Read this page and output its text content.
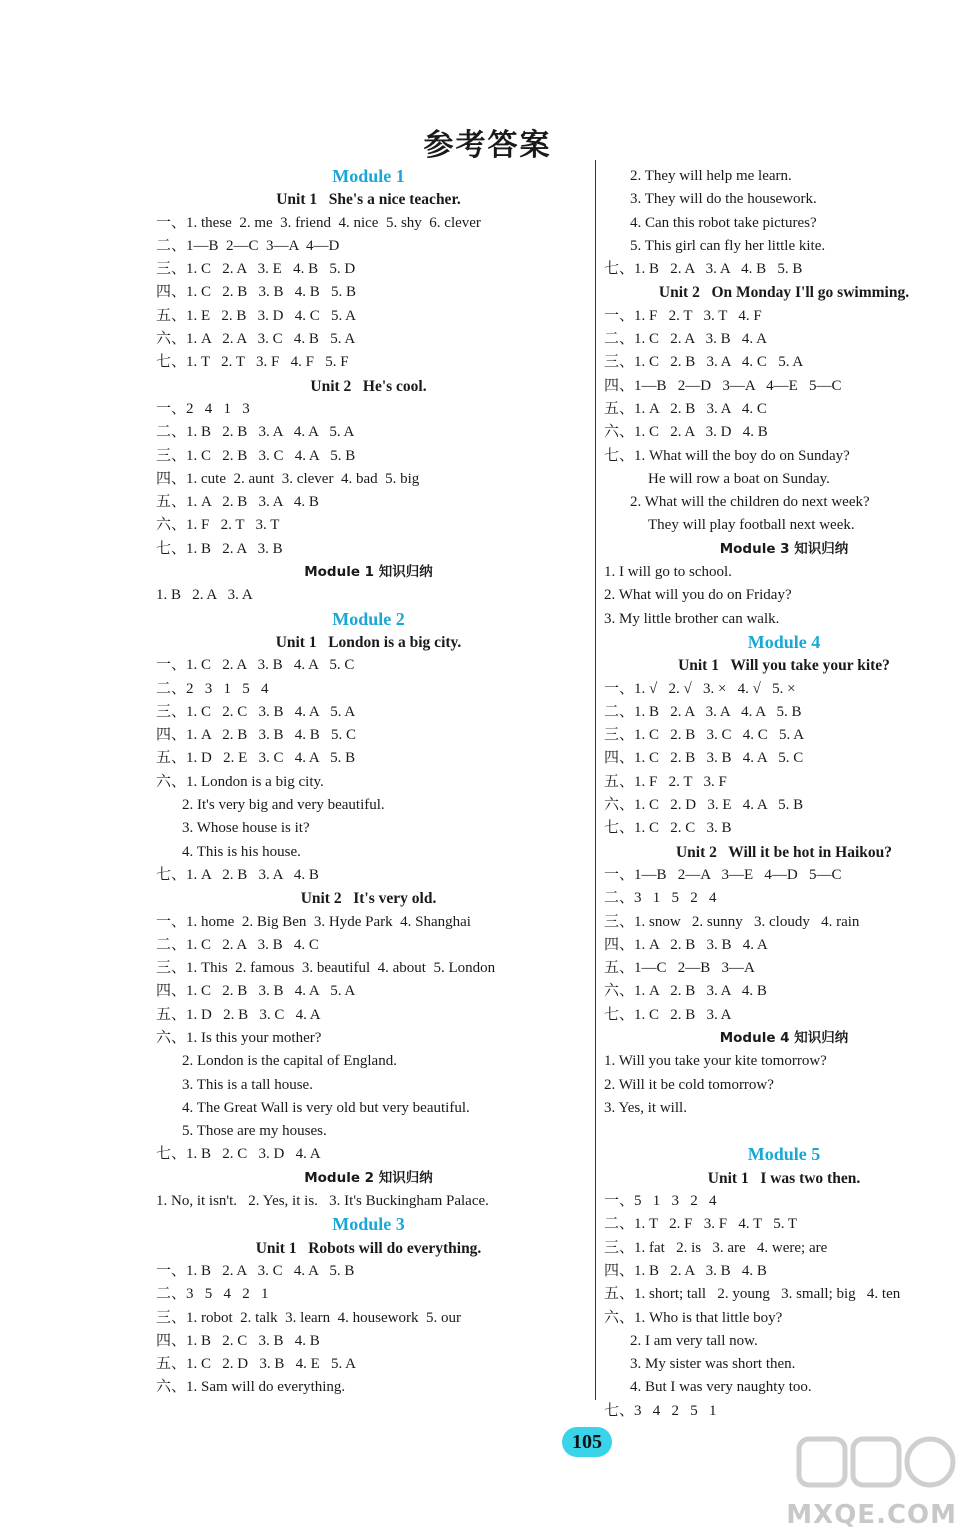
参考答案
Module 1
Unit 1   She's a nice teacher.
一、1. these  2. me  3. friend  4. nice  5. shy  6. clever
二、1—B  2—C  3—A  4—D
三、1. C   2. A   3. E   4. B   5. D
四、1. C   2. B   3. B   4. B   5. B
五、1. E   2. B   3. D   4. C   5. A
六、1. A   2. A   3. C   4. B   5. A
七、1. T   2. T   3. F   4. F   5. F
Unit 2   He's cool.
一、2   4   1   3
二、1. B   2. B   3. A   4. A   5. A
三、1. C   2. B   3. C   4. A   5. B
四、1. cute  2. aunt  3. clever  4. bad  5. big
五、1. A   2. B   3. A   4. B
六、1. F   2. T   3. T
七、1. B   2. A   3. B
Module 1 知识归纳
1. B   2. A   3. A
Module 2
Unit 1   London is a big city.
一、1. C   2. A   3. B   4. A   5. C
二、2   3   1   5   4
三、1. C   2. C   3. B   4. A   5. A
四、1. A   2. B   3. B   4. B   5. C
五、1. D   2. E   3. C   4. A   5. B
六、1. London is a big city.
2. It's very big and very beautiful.
3. Whose house is it?
4. This is his house.
七、1. A   2. B   3. A   4. B
Unit 2   It's very old.
一、1. home  2. Big Ben  3. Hyde Park  4. Shanghai
二、1. C   2. A   3. B   4. C
三、1. This  2. famous  3. beautiful  4. about  5. London
四、1. C   2. B   3. B   4. A   5. A
五、1. D   2. B   3. C   4. A
六、1. Is this your mother?
2. London is the capital of England.
3. This is a tall house.
4. The Great Wall is very old but very beautiful.
5. Those are my houses.
七、1. B   2. C   3. D   4. A
Module 2 知识归纳
1. No, it isn't.   2. Yes, it is.   3. It's Buckingham Palace.
Module 3
Unit 1   Robots will do everything.
一、1. B   2. A   3. C   4. A   5. B
二、3   5   4   2   1
三、1. robot  2. talk  3. learn  4. housework  5. our
四、1. B   2. C   3. B   4. B
五、1. C   2. D   3. B   4. E   5. A
六、1. Sam will do everything.
2. They will help me learn.
3. They will do the housework.
4. Can this robot take pictures?
5. This girl can fly her little kite.
七、1. B   2. A   3. A   4. B   5. B
Unit 2   On Monday I'll go swimming.
一、1. F   2. T   3. T   4. F
二、1. C   2. A   3. B   4. A
三、1. C   2. B   3. A   4. C   5. A
四、1—B   2—D   3—A   4—E   5—C
五、1. A   2. B   3. A   4. C
六、1. C   2. A   3. D   4. B
七、1. What will the boy do on Sunday?
He will row a boat on Sunday.
2. What will the children do next week?
They will play football next week.
Module 3 知识归纳
1. I will go to school.
2. What will you do on Friday?
3. My little brother can walk.
Module 4
Unit 1   Will you take your kite?
一、1. √   2. √   3. ×   4. √   5. ×
二、1. B   2. A   3. A   4. A   5. B
三、1. C   2. B   3. C   4. C   5. A
四、1. C   2. B   3. B   4. A   5. C
五、1. F   2. T   3. F
六、1. C   2. D   3. E   4. A   5. B
七、1. C   2. C   3. B
Unit 2   Will it be hot in Haikou?
一、1—B   2—A   3—E   4—D   5—C
二、3   1   5   2   4
三、1. snow   2. sunny   3. cloudy   4. rain
四、1. A   2. B   3. B   4. A
五、1—C   2—B   3—A
六、1. A   2. B   3. A   4. B
七、1. C   2. B   3. A
Module 4 知识归纳
1. Will you take your kite tomorrow?
2. Will it be cold tomorrow?
3. Yes, it will.
Module 5
Unit 1   I was two then.
一、5   1   3   2   4
二、1. T   2. F   3. F   4. T   5. T
三、1. fat   2. is   3. are   4. were; are
四、1. B   2. A   3. B   4. B
五、1. short; tall   2. young   3. small; big   4. ten
六、1. Who is that little boy?
2. I am very tall now.
3. My sister was short then.
4. But I was very naughty too.
七、3   4   2   5   1
105
MXQE.COM
